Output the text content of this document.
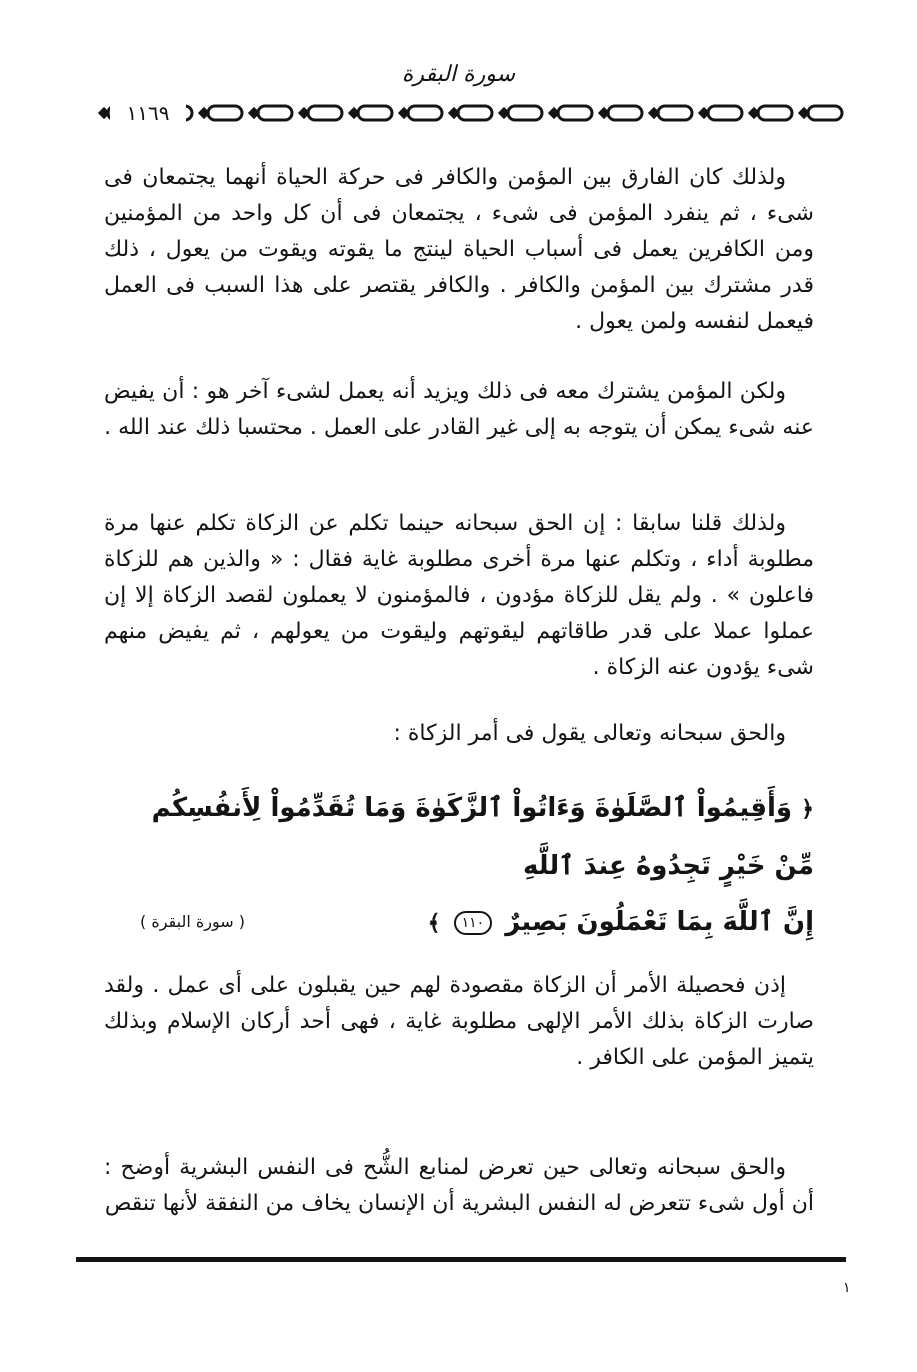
سورة البقرة
١١٦٩

ولذلك كان الفارق بين المؤمن والكافر فى حركة الحياة أنهما يجتمعان فى شىء ، ثم ينفرد المؤمن فى شىء ، يجتمعان فى أن كل واحد من المؤمنين ومن الكافرين يعمل فى أسباب الحياة لينتج ما يقوته ويقوت من يعول ، ذلك قدر مشترك بين المؤمن والكافر . والكافر يقتصر على هذا السبب فى العمل فيعمل لنفسه ولمن يعول .

ولكن المؤمن يشترك معه فى ذلك ويزيد أنه يعمل لشىء آخر هو : أن يفيض عنه شىء يمكن أن يتوجه به إلى غير القادر على العمل . محتسبا ذلك عند الله .

ولذلك قلنا سابقا : إن الحق سبحانه حينما تكلم عن الزكاة تكلم عنها مرة مطلوبة أداء ، وتكلم عنها مرة أخرى مطلوبة غاية فقال : « والذين هم للزكاة فاعلون » . ولم يقل للزكاة مؤدون ، فالمؤمنون لا يعملون لقصد الزكاة إلا إن عملوا عملا على قدر طاقاتهم ليقوتهم وليقوت من يعولهم ، ثم يفيض منهم شىء يؤدون عنه الزكاة .

والحق سبحانه وتعالى يقول فى أمر الزكاة :

﴿ وَأَقِيمُواْ ٱلصَّلَوٰةَ وَءَاتُواْ ٱلزَّكَوٰةَ وَمَا تُقَدِّمُواْ لِأَنفُسِكُم مِّنْ خَيْرٍ تَجِدُوهُ عِندَ ٱللَّهِ
إِنَّ ٱللَّهَ بِمَا تَعْمَلُونَ بَصِيرٌ ١١٠ ﴾
( سورة البقرة )

إذن فحصيلة الأمر أن الزكاة مقصودة لهم حين يقبلون على أى عمل . ولقد صارت الزكاة بذلك الأمر الإلهى مطلوبة غاية ، فهى أحد أركان الإسلام وبذلك يتميز المؤمن على الكافر .

والحق سبحانه وتعالى حين تعرض لمنابع الشُّح فى النفس البشرية أوضح : أن أول شىء تتعرض له النفس البشرية أن الإنسان يخاف من النفقة لأنها تنقص

١
